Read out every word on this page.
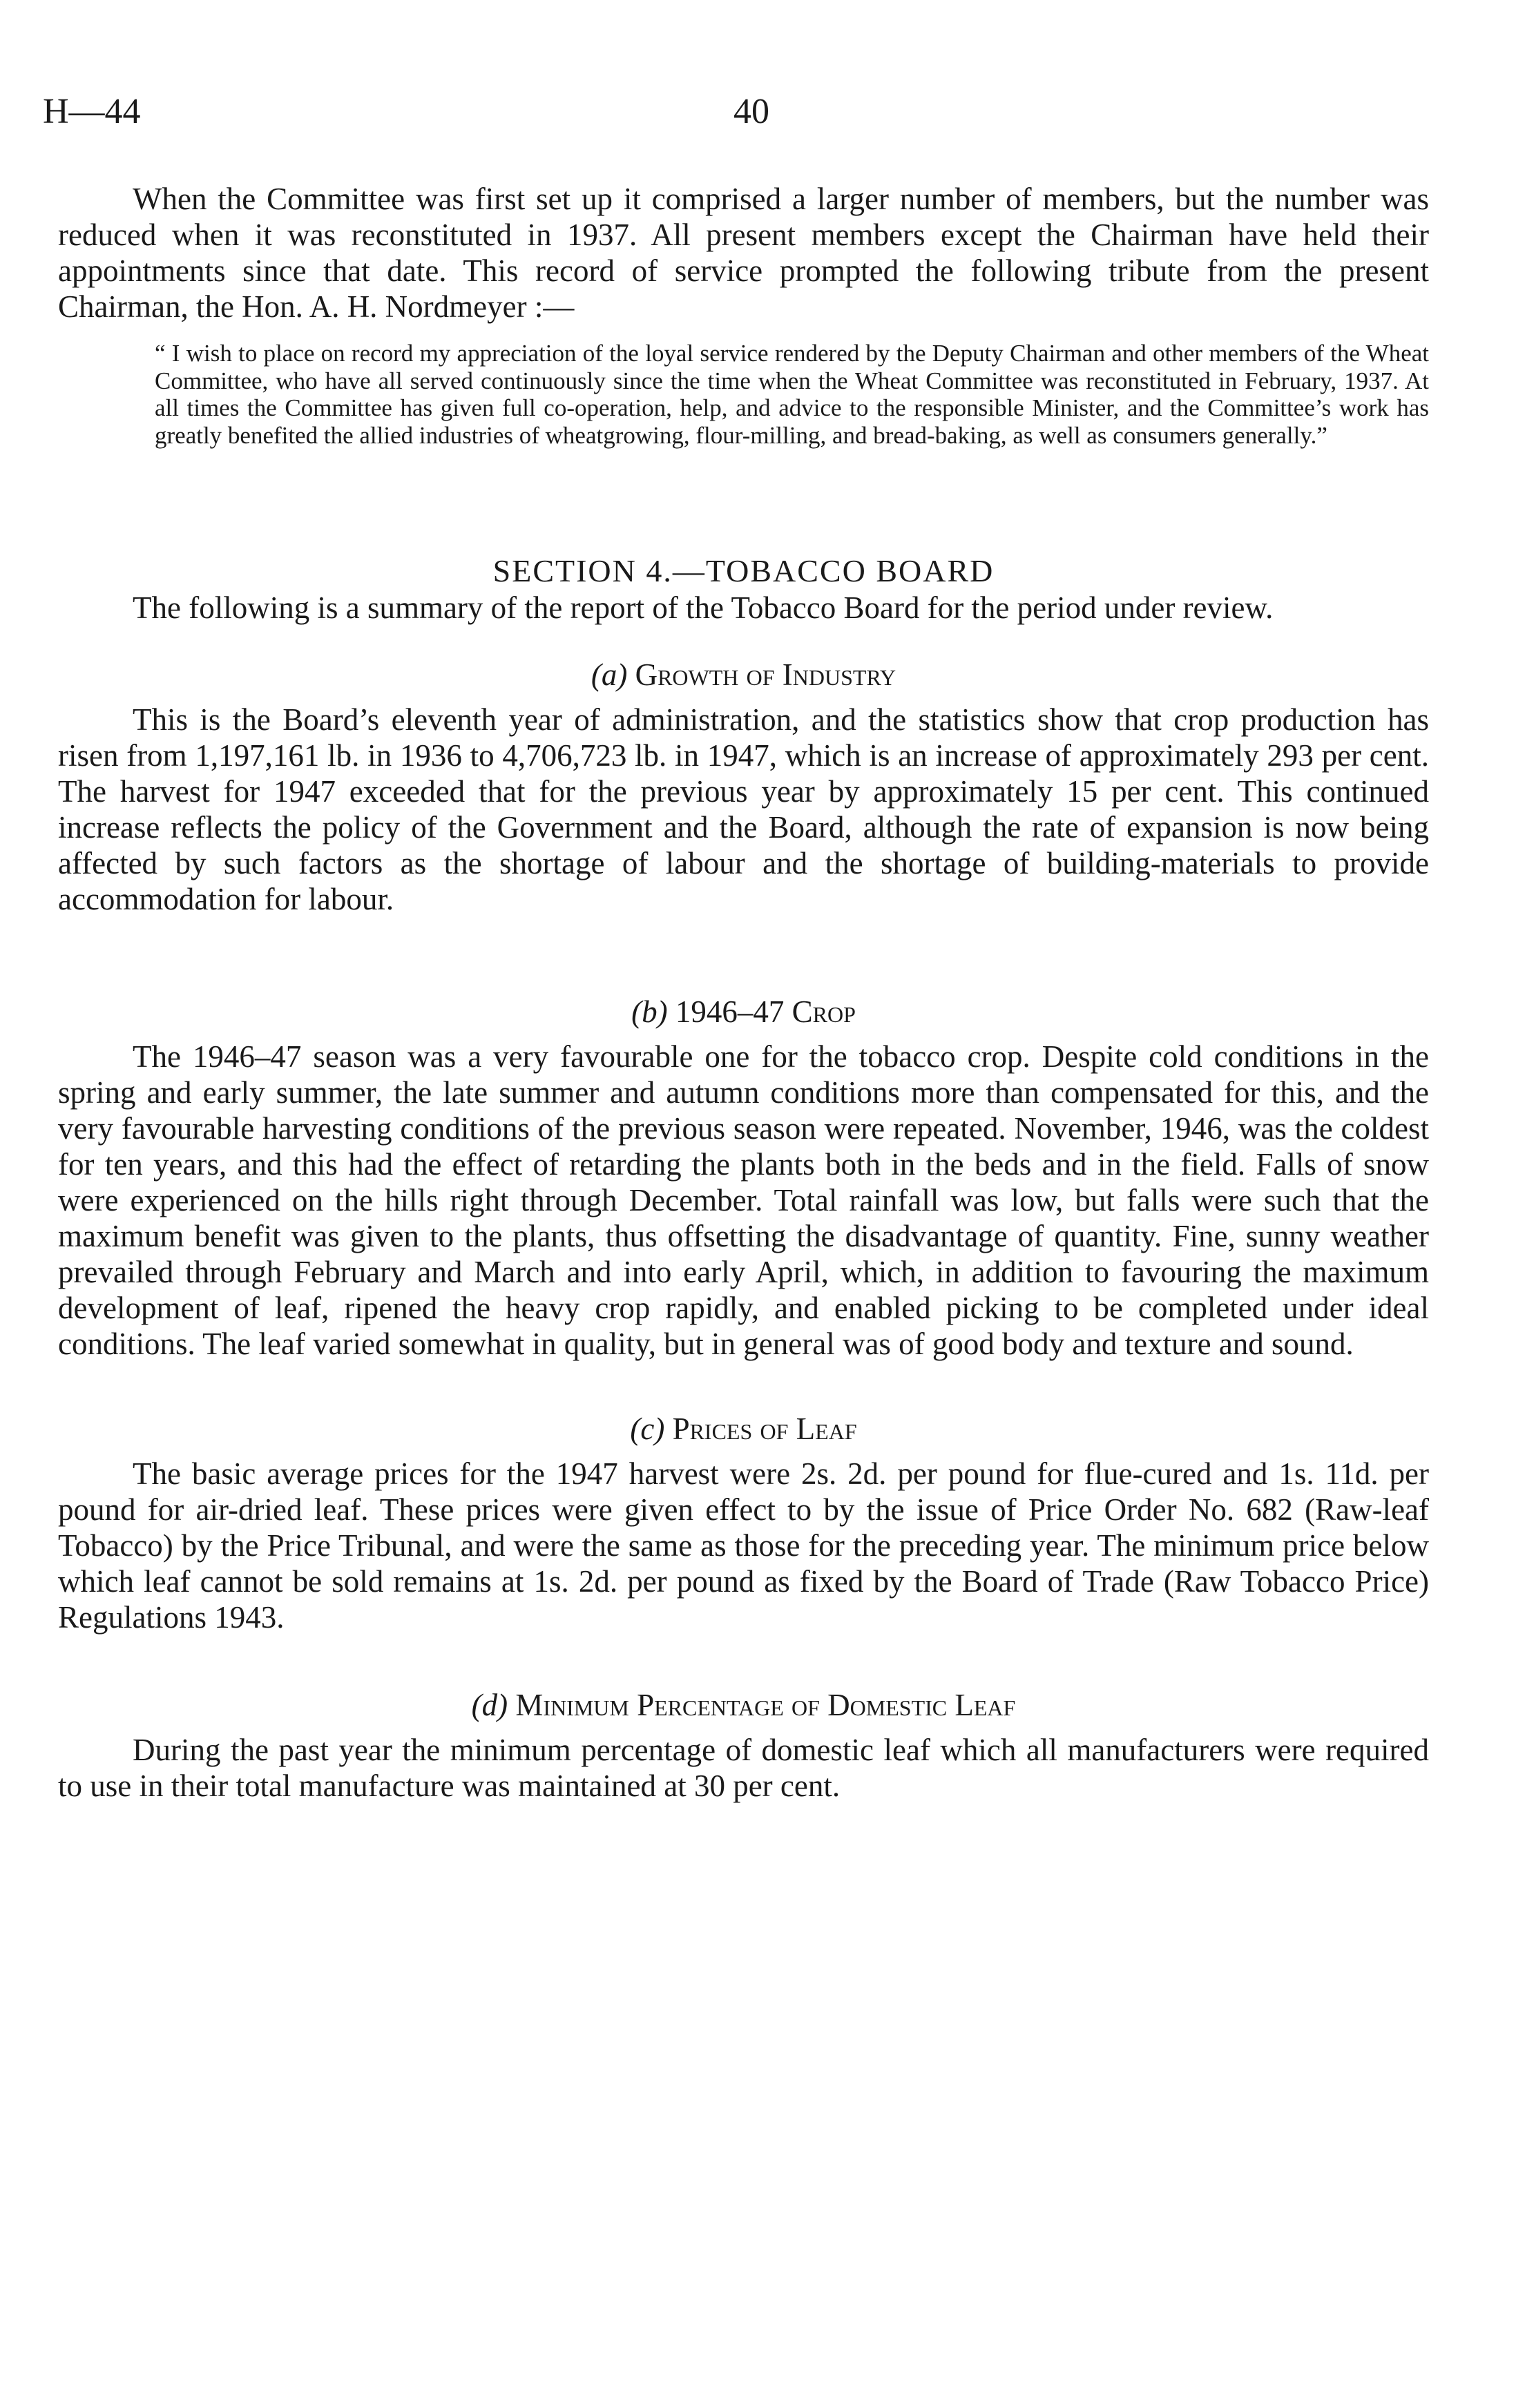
H—44	40

When the Committee was first set up it comprised a larger number of members, but the number was reduced when it was reconstituted in 1937. All present members except the Chairman have held their appointments since that date. This record of service prompted the following tribute from the present Chairman, the Hon. A. H. Nordmeyer :—

“ I wish to place on record my appreciation of the loyal service rendered by the Deputy Chairman and other members of the Wheat Committee, who have all served continuously since the time when the Wheat Committee was reconstituted in February, 1937. At all times the Committee has given full co-operation, help, and advice to the responsible Minister, and the Committee’s work has greatly benefited the allied industries of wheatgrowing, flour-milling, and bread-baking, as well as consumers generally.”

SECTION 4.—TOBACCO BOARD

The following is a summary of the report of the Tobacco Board for the period under review.

(a) Growth of Industry

This is the Board’s eleventh year of administration, and the statistics show that crop production has risen from 1,197,161 lb. in 1936 to 4,706,723 lb. in 1947, which is an increase of approximately 293 per cent. The harvest for 1947 exceeded that for the previous year by approximately 15 per cent. This continued increase reflects the policy of the Government and the Board, although the rate of expansion is now being affected by such factors as the shortage of labour and the shortage of building-materials to provide accommodation for labour.

(b) 1946–47 Crop

The 1946–47 season was a very favourable one for the tobacco crop. Despite cold conditions in the spring and early summer, the late summer and autumn conditions more than compensated for this, and the very favourable harvesting conditions of the previous season were repeated. November, 1946, was the coldest for ten years, and this had the effect of retarding the plants both in the beds and in the field. Falls of snow were experienced on the hills right through December. Total rainfall was low, but falls were such that the maximum benefit was given to the plants, thus offsetting the disadvantage of quantity. Fine, sunny weather prevailed through February and March and into early April, which, in addition to favouring the maximum development of leaf, ripened the heavy crop rapidly, and enabled picking to be completed under ideal conditions. The leaf varied somewhat in quality, but in general was of good body and texture and sound.

(c) Prices of Leaf

The basic average prices for the 1947 harvest were 2s. 2d. per pound for flue-cured and 1s. 11d. per pound for air-dried leaf. These prices were given effect to by the issue of Price Order No. 682 (Raw-leaf Tobacco) by the Price Tribunal, and were the same as those for the preceding year. The minimum price below which leaf cannot be sold remains at 1s. 2d. per pound as fixed by the Board of Trade (Raw Tobacco Price) Regulations 1943.

(d) Minimum Percentage of Domestic Leaf

During the past year the minimum percentage of domestic leaf which all manufacturers were required to use in their total manufacture was maintained at 30 per cent.
